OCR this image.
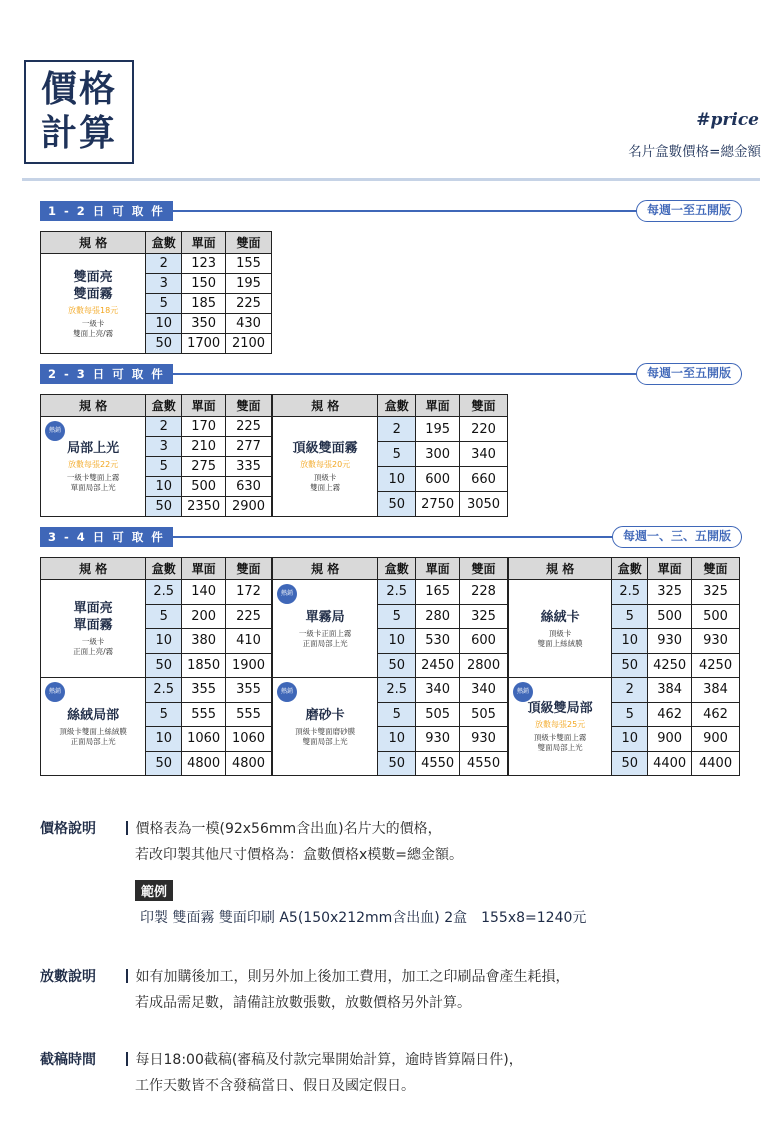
價格
計算	#price
名片盒數價格=總金額
1 - 2 日 可 取 件	每週一至五開版
規 格	盒數	單面	雙面

雙面亮
雙面霧
放數每張18元
一級卡
雙面上亮/霧	2	123	155
	3	150	195
	5	185	225
	10	350	430
	50	1700	2100
2 - 3 日 可 取 件	每週一至五開版
規 格	盒數	單面	雙面

熱銷
局部上光
放數每張22元
一級卡雙面上霧
單面局部上光	2	170	225
	3	210	277
	5	275	335
	10	500	630
	50	2350	2900
規 格	盒數	單面	雙面

頂級雙面霧
放數每張20元
頂級卡
雙面上霧	2	195	220
	5	300	340
	10	600	660
	50	2750	3050
3 - 4 日 可 取 件	每週一、三、五開版
規 格	盒數	單面	雙面

單面亮
單面霧
一級卡
正面上亮/霧	2.5	140	172
	5	200	225
	10	380	410
	50	1850	1900

熱銷
絲絨局部
頂級卡雙面上絲絨膜
正面局部上光	2.5	355	355
	5	555	555
	10	1060	1060
	50	4800	4800
規 格	盒數	單面	雙面

熱銷
單霧局
一級卡正面上霧
正面局部上光	2.5	165	228
	5	280	325
	10	530	600
	50	2450	2800

熱銷
磨砂卡
頂級卡雙面磨砂膜
雙面局部上光	2.5	340	340
	5	505	505
	10	930	930
	50	4550	4550
規 格	盒數	單面	雙面

絲絨卡
頂級卡
雙面上絲絨膜	2.5	325	325
	5	500	500
	10	930	930
	50	4250	4250

熱銷
頂級雙局部
放數每張25元
頂級卡雙面上霧
雙面局部上光	2	384	384
	5	462	462
	10	900	900
	50	4400	4400
價格說明	價格表為一模(92x56mm含出血)名片大的價格，
若改印製其他尺寸價格為：盒數價格x模數=總金額。
範例
印製 雙面霧 雙面印刷 A5(150x212mm含出血) 2盒　155x8=1240元
放數說明	如有加購後加工，則另外加上後加工費用，加工之印刷品會產生耗損，
若成品需足數，請備註放數張數，放數價格另外計算。
截稿時間	每日18:00截稿(審稿及付款完畢開始計算，逾時皆算隔日件)，
工作天數皆不含發稿當日、假日及國定假日。
